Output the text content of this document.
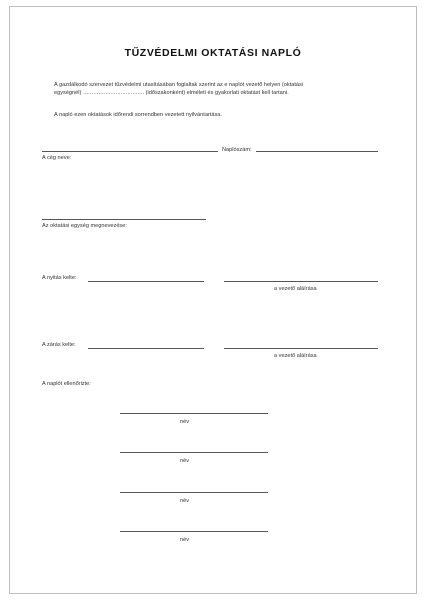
TŰZVÉDELMI OKTATÁSI NAPLÓ
A gazdálkodó szervezet tűzvédelmi utasításában foglaltak szerint az e naplót vezető helyen (oktatási
egységnél) ……………………………… (időszakonként) elméleti és gyakorlati oktatást kell tartani.
A napló ezen oktatások időrendi sorrendben vezetett nyilvántartása.
Naplószám:
A cég neve:
Az oktatási egység megnevezése:
A nyitás kelte:
a vezető aláírása
A zárás kelte:
a vezető aláírása
A naplót ellenőrizte:
név
név
név
név
